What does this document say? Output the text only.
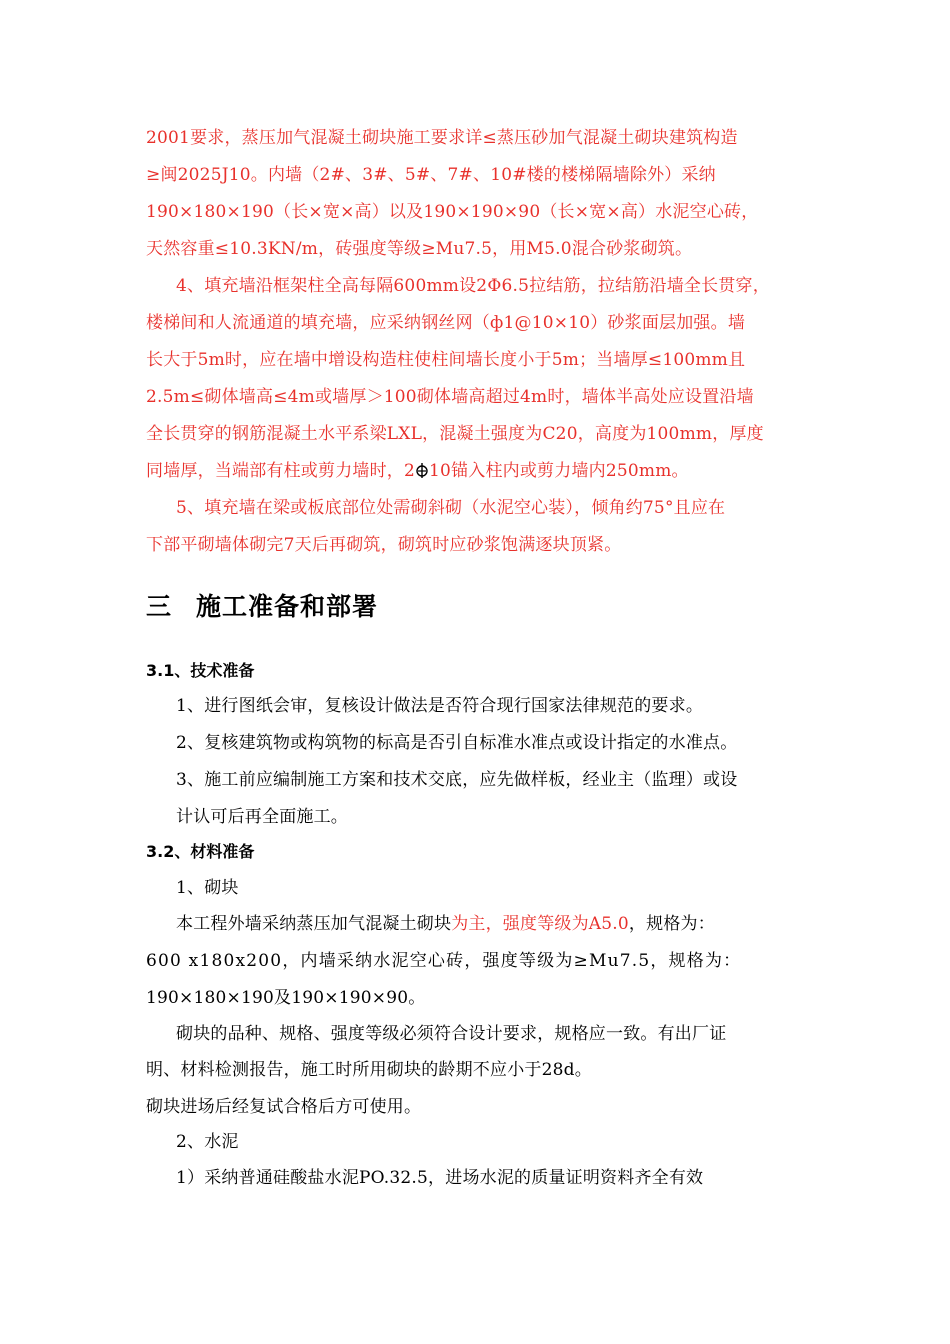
2001要求，蒸压加气混凝土砌块施工要求详≤蒸压砂加气混凝土砌块建筑构造
≥闽2025J10。内墙（2#、3#、5#、7#、10#楼的楼梯隔墙除外）采纳
190×180×190（长×宽×高）以及190×190×90（长×宽×高）水泥空心砖，
天然容重≤10.3KN/m，砖强度等级≥Mu7.5，用M5.0混合砂浆砌筑。
4、填充墙沿框架柱全高每隔600mm设2Φ6.5拉结筋，拉结筋沿墙全长贯穿，
楼梯间和人流通道的填充墙，应采纳钢丝网（ф1@10×10）砂浆面层加强。墙
长大于5m时，应在墙中增设构造柱使柱间墙长度小于5m；当墙厚≤100mm且
2.5m≤砌体墙高≤4m或墙厚＞100砌体墙高超过4m时，墙体半高处应设置沿墙
全长贯穿的钢筋混凝土水平系梁LXL，混凝土强度为C20，高度为100mm，厚度
同墙厚，当端部有柱或剪力墙时，2 10锚入柱内或剪力墙内250mm。
5、填充墙在梁或板底部位处需砌斜砌（水泥空心装），倾角约75°且应在
下部平砌墙体砌完7天后再砌筑，砌筑时应砂浆饱满逐块顶紧。
三 施工准备和部署
3.1、技术准备
1、进行图纸会审，复核设计做法是否符合现行国家法律规范的要求。
2、复核建筑物或构筑物的标高是否引自标准水准点或设计指定的水准点。
3、施工前应编制施工方案和技术交底，应先做样板，经业主（监理）或设
计认可后再全面施工。
3.2、材料准备
1、砌块
本工程外墙采纳蒸压加气混凝土砌块为主，强度等级为A5.0，规格为：
600 x180x200，内墙采纳水泥空心砖，强度等级为≥Mu7.5，规格为：
190×180×190及190×190×90。
砌块的品种、规格、强度等级必须符合设计要求，规格应一致。有出厂证
明、材料检测报告，施工时所用砌块的龄期不应小于28d。
砌块进场后经复试合格后方可使用。
2、水泥
1）采纳普通硅酸盐水泥PO.32.5，进场水泥的质量证明资料齐全有效
